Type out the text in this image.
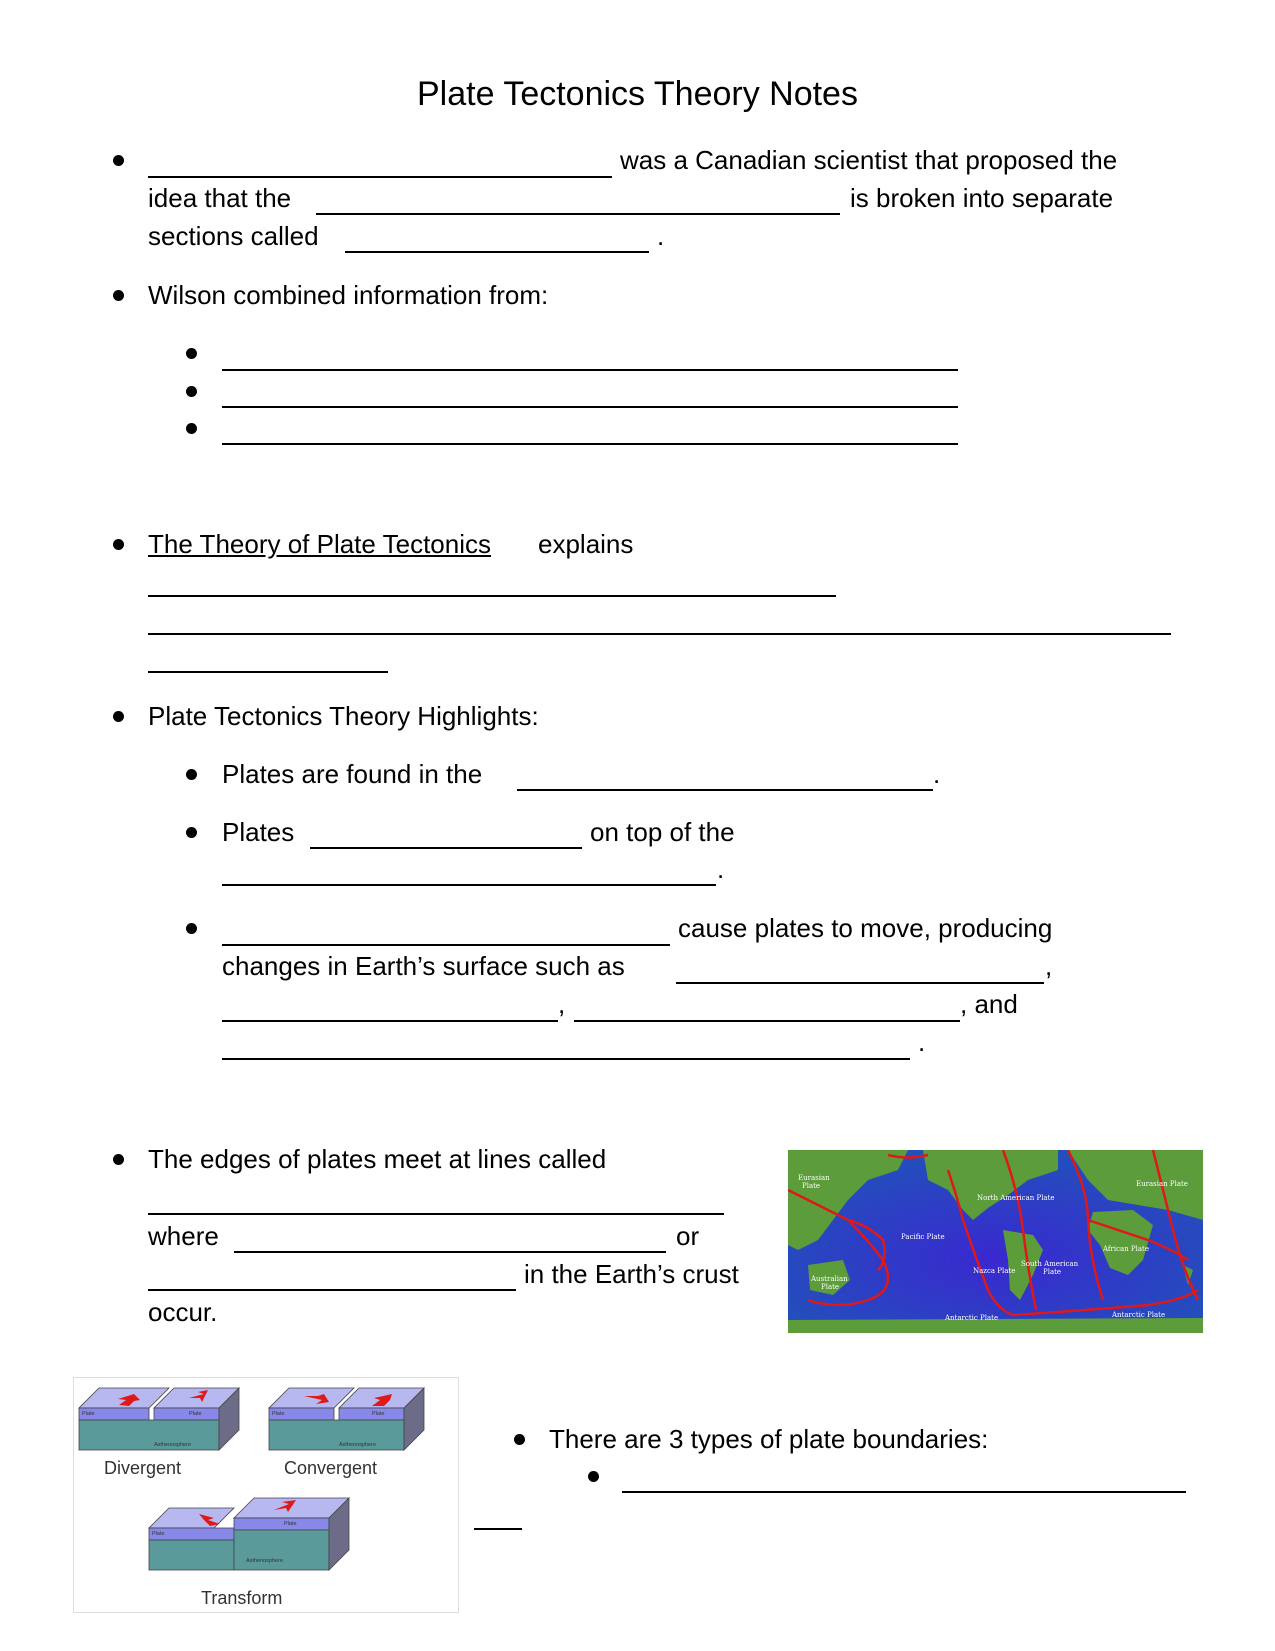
Plate Tectonics Theory Notes
was a Canadian scientist that proposed the
idea that the	is broken into separate
sections called	.
Wilson combined information from:
The Theory of Plate Tectonics explains
Plate Tectonics Theory Highlights:
Plates are found in the	.
Plates	on top of the
.
cause plates to move, producing
changes in Earth’s surface such as	,
,	, and
.
The edges of plates meet at lines called
where	or
in the Earth’s crust
occur.
Eurasian
Plate
North American Plate
Eurasian Plate
Pacific Plate
African Plate
Nazca Plate
South American
Plate
Australian
Plate
Antarctic Plate	Antarctic Plate
Plate	Plate
Asthenosphere
Plate	Plate
Asthenosphere
Plate
Plate
Asthenosphere
Divergent	Convergent
Transform
There are 3 types of plate boundaries:
